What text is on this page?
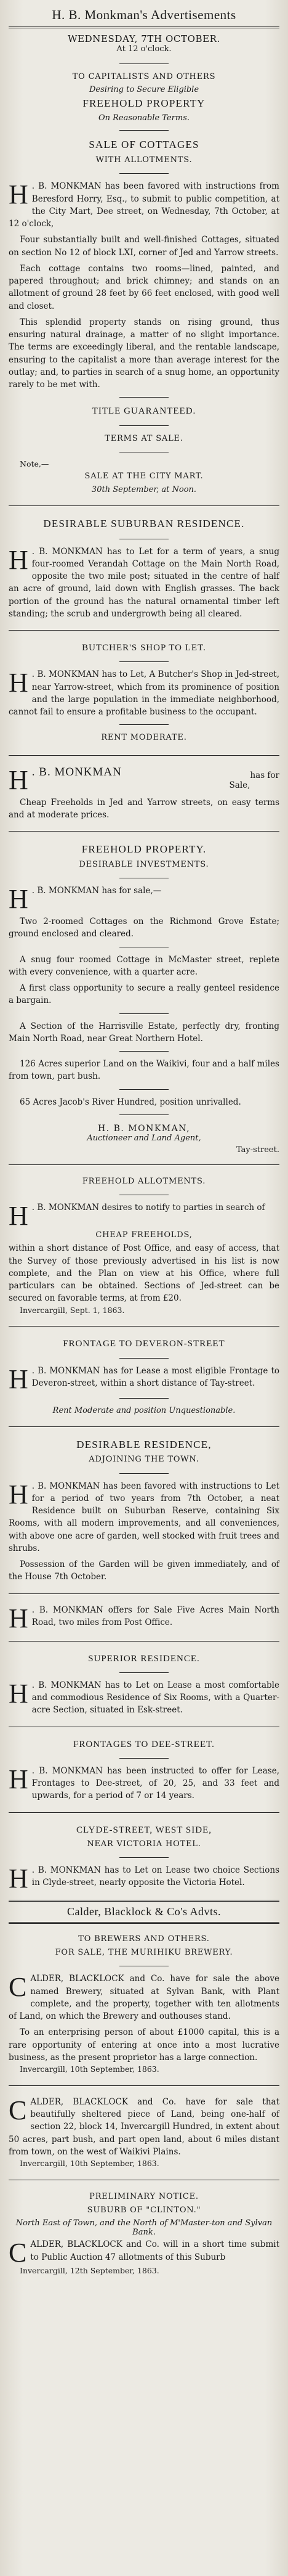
H. B. Monkman's Advertisements
WEDNESDAY, 7TH OCTOBER.
At 12 o'clock.
TO CAPITALISTS AND OTHERS
Desiring to Secure Eligible
FREEHOLD PROPERTY
On Reasonable Terms.
SALE OF COTTAGES
WITH ALLOTMENTS.
H . B. MONKMAN has been favored with instructions from Beresford Horry, Esq., to submit to public competition, at the City Mart, Dee street, on Wednesday, 7th October, at 12 o'clock,
Four substantially built and well-finished Cottages, situated on section No 12 of block LXI, corner of Jed and Yarrow streets.
Each cottage contains two rooms—lined, painted, and papered throughout; and brick chimney; and stands on an allotment of ground 28 feet by 66 feet enclosed, with good well and closet.
This splendid property stands on rising ground, thus ensuring natural drainage, a matter of no slight importance. The terms are exceedingly liberal, and the rentable landscape, ensuring to the capitalist a more than average interest for the outlay; and, to parties in search of a snug home, an opportunity rarely to be met with.
TITLE GUARANTEED.
TERMS AT SALE.
Note,—
SALE AT THE CITY MART.
30th September, at Noon.
DESIRABLE SUBURBAN RESIDENCE.
H . B. MONKMAN has to Let for a term of years, a snug four-roomed Verandah Cottage on the Main North Road, opposite the two mile post; situated in the centre of half an acre of ground, laid down with English grasses. The back portion of the ground has the natural ornamental timber left standing; the scrub and undergrowth being all cleared.
BUTCHER'S SHOP TO LET.
H . B. MONKMAN has to Let, A Butcher's Shop in Jed-street, near Yarrow-street, which from its prominence of position and the large population in the immediate neighborhood, cannot fail to ensure a profitable business to the occupant.
RENT MODERATE.
H . B. MONKMAN	has for
Sale,
Cheap Freeholds in Jed and Yarrow streets, on easy terms and at moderate prices.
FREEHOLD PROPERTY.
DESIRABLE INVESTMENTS.
H . B. MONKMAN has for sale,—
Two 2-roomed Cottages on the Richmond Grove Estate; ground enclosed and cleared.
A snug four roomed Cottage in McMaster street, replete with every convenience, with a quarter acre.
A first class opportunity to secure a really genteel residence a bargain.
A Section of the Harrisville Estate, perfectly dry, fronting Main North Road, near Great Northern Hotel.
126 Acres superior Land on the Waikivi, four and a half miles from town, part bush.
65 Acres Jacob's River Hundred, position unrivalled.
H. B. MONKMAN,
Auctioneer and Land Agent,
Tay-street.
FREEHOLD ALLOTMENTS.
H . B. MONKMAN desires to notify to parties in search of
CHEAP FREEHOLDS,
within a short distance of Post Office, and easy of access, that the Survey of those previously advertised in his list is now complete, and the Plan on view at his Office, where full particulars can be obtained. Sections of Jed-street can be secured on favorable terms, at from £20.
Invercargill, Sept. 1, 1863.
FRONTAGE TO DEVERON-STREET
H . B. MONKMAN has for Lease a most eligible Frontage to Deveron-street, within a short distance of Tay-street.
Rent Moderate and position Unquestionable.
DESIRABLE RESIDENCE,
ADJOINING THE TOWN.
H . B. MONKMAN has been favored with instructions to Let for a period of two years from 7th October, a neat Residence built on Suburban Reserve, containing Six Rooms, with all modern improvements, and all conveniences, with above one acre of garden, well stocked with fruit trees and shrubs.
Possession of the Garden will be given immediately, and of the House 7th October.
H . B. MONKMAN offers for Sale Five Acres Main North Road, two miles from Post Office.
SUPERIOR RESIDENCE.
H . B. MONKMAN has to Let on Lease a most comfortable and commodious Residence of Six Rooms, with a Quarter-acre Section, situated in Esk-street.
FRONTAGES TO DEE-STREET.
H . B. MONKMAN has been instructed to offer for Lease, Frontages to Dee-street, of 20, 25, and 33 feet and upwards, for a period of 7 or 14 years.
CLYDE-STREET, WEST SIDE,
NEAR VICTORIA HOTEL.
H . B. MONKMAN has to Let on Lease two choice Sections in Clyde-street, nearly opposite the Victoria Hotel.
Calder, Blacklock & Co's Advts.
TO BREWERS AND OTHERS.
FOR SALE, THE MURIHIKU BREWERY.
CALDER, BLACKLOCK and Co. have for sale the above named Brewery, situated at Sylvan Bank, with Plant complete, and the property, together with ten allotments of Land, on which the Brewery and outhouses stand.
To an enterprising person of about £1000 capital, this is a rare opportunity of entering at once into a most lucrative business, as the present proprietor has a large connection.
Invercargill, 10th September, 1863.
CALDER, BLACKLOCK and Co. have for sale that beautifully sheltered piece of Land, being one-half of section 22, block 14, Invercargill Hundred, in extent about 50 acres, part bush, and part open land, about 6 miles distant from town, on the west of Waikivi Plains.
Invercargill, 10th September, 1863.
PRELIMINARY NOTICE.
SUBURB OF "CLINTON."
North East of Town, and the North of M'Master-ton and Sylvan Bank.
CALDER, BLACKLOCK and Co. will in a short time submit to Public Auction 47 allotments of this Suburb
Invercargill, 12th September, 1863.
